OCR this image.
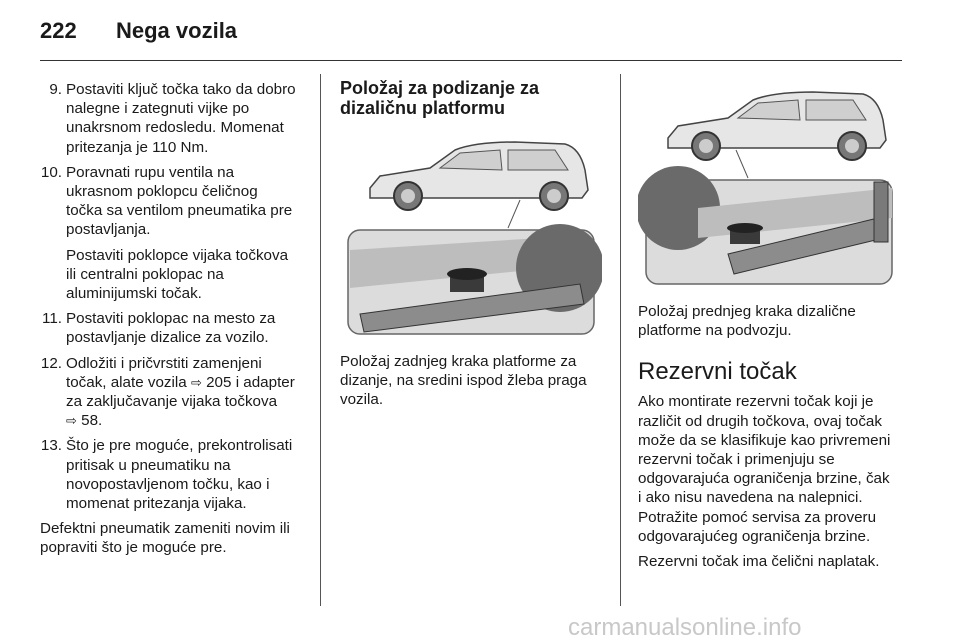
222 Nega vozila
9. Postaviti ključ točka tako da dobro

nalegne i zategnuti vijke po

unakrsnom redosledu. Momenat

pritezanja je 110 Nm.

10. Poravnati rupu ventila na

ukrasnom poklopcu čeličnog

točka sa ventilom pneumatika pre

postavljanja.

Postaviti poklopce vijaka točkova

ili centralni poklopac na

aluminijumski točak.

11. Postaviti poklopac na mesto za

postavljanje dizalice za vozilo.

12. Odložiti i pričvrstiti zamenjeni

točak, alate vozila ⇨ 205 i adapter

za zaključavanje vijaka točkova

⇨ 58.

13. Što je pre moguće, prekontrolisati

pritisak u pneumatiku na

novopostavljenom točku, kao i

momenat pritezanja vijaka.

Defektni pneumatik zameniti novim ili

popraviti što je moguće pre.

Položaj za podizanje za
dizaličnu platformu

Položaj zadnjeg kraka platforme za

dizanje, na sredini ispod žleba praga

vozila.

Položaj prednjeg kraka dizalične

platforme na podvozju.

Rezervni točak

Ako montirate rezervni točak koji je

različit od drugih točkova, ovaj točak

može da se klasifikuje kao privremeni

rezervni točak i primenjuju se

odgovarajuća ograničenja brzine, čak

i ako nisu navedena na nalepnici.

Potražite pomoć servisa za proveru

odgovarajućeg ograničenja brzine.

Rezervni točak ima čelični naplatak.

carmanualsonline.info
